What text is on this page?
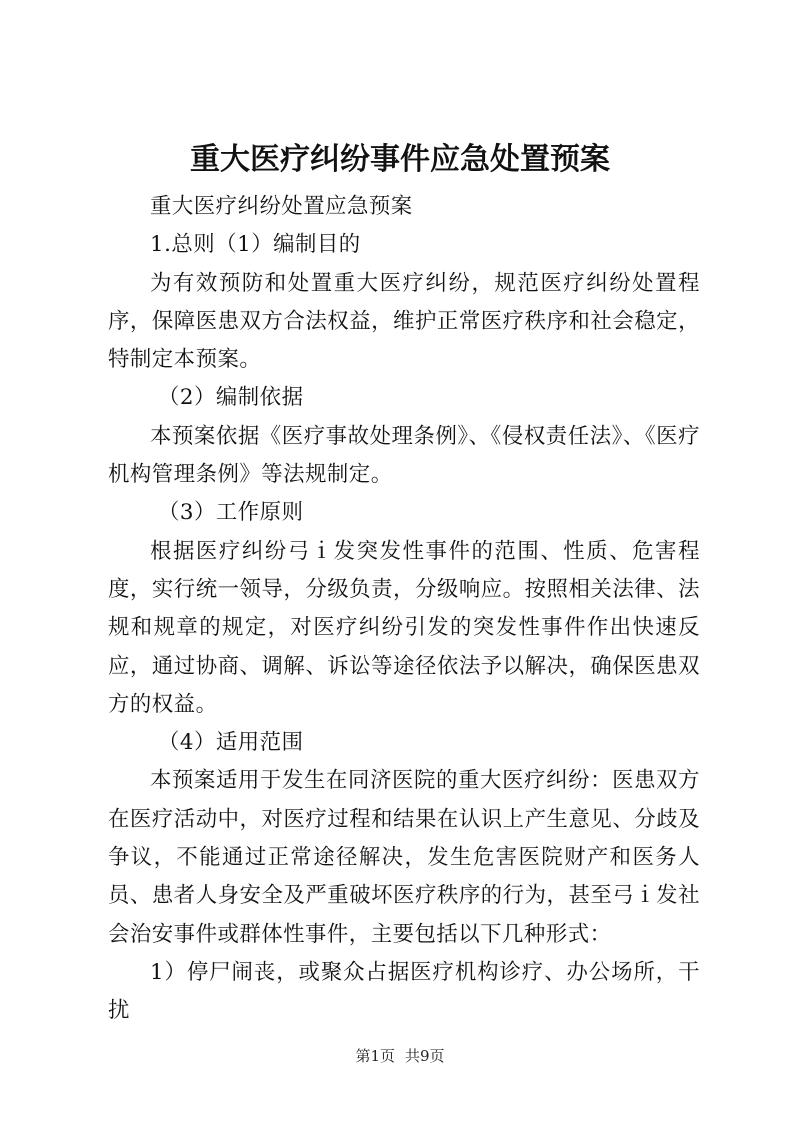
重大医疗纠纷事件应急处置预案

重大医疗纠纷处置应急预案

1.总则（1）编制目的

为有效预防和处置重大医疗纠纷，规范医疗纠纷处置程序，保障医患双方合法权益，维护正常医疗秩序和社会稳定，特制定本预案。

（2）编制依据

本预案依据《医疗事故处理条例》、《侵权责任法》、《医疗机构管理条例》等法规制定。

（3）工作原则

根据医疗纠纷弓ｉ发突发性事件的范围、性质、危害程度，实行统一领导，分级负责，分级响应。按照相关法律、法规和规章的规定，对医疗纠纷引发的突发性事件作出快速反应，通过协商、调解、诉讼等途径依法予以解决，确保医患双方的权益。

（4）适用范围

本预案适用于发生在同济医院的重大医疗纠纷：医患双方在医疗活动中，对医疗过程和结果在认识上产生意见、分歧及争议，不能通过正常途径解决，发生危害医院财产和医务人员、患者人身安全及严重破坏医疗秩序的行为，甚至弓ｉ发社会治安事件或群体性事件，主要包括以下几种形式：

1）停尸闹丧，或聚众占据医疗机构诊疗、办公场所，干扰

第1页 共9页
